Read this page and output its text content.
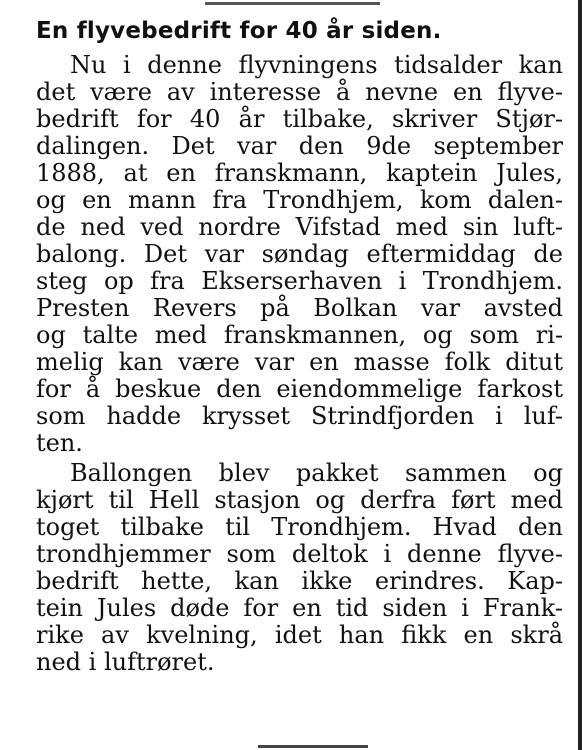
En flyvebedrift for 40 år siden.
Nu i denne flyvningens tidsalder kan
det være av interesse å nevne en flyve-
bedrift for 40 år tilbake, skriver Stjør-
dalingen. Det var den 9de september
1888, at en franskmann, kaptein Jules,
og en mann fra Trondhjem, kom dalen-
de ned ved nordre Vifstad med sin luft-
balong. Det var søndag eftermiddag de
steg op fra Ekserserhaven i Trondhjem.
Presten Revers på Bolkan var avsted
og talte med franskmannen, og som ri-
melig kan være var en masse folk ditut
for å beskue den eiendommelige farkost
som hadde krysset Strindfjorden i luf-
ten.
Ballongen blev pakket sammen og
kjørt til Hell stasjon og derfra ført med
toget tilbake til Trondhjem. Hvad den
trondhjemmer som deltok i denne flyve-
bedrift hette, kan ikke erindres. Kap-
tein Jules døde for en tid siden i Frank-
rike av kvelning, idet han fikk en skrå
ned i luftrøret.
